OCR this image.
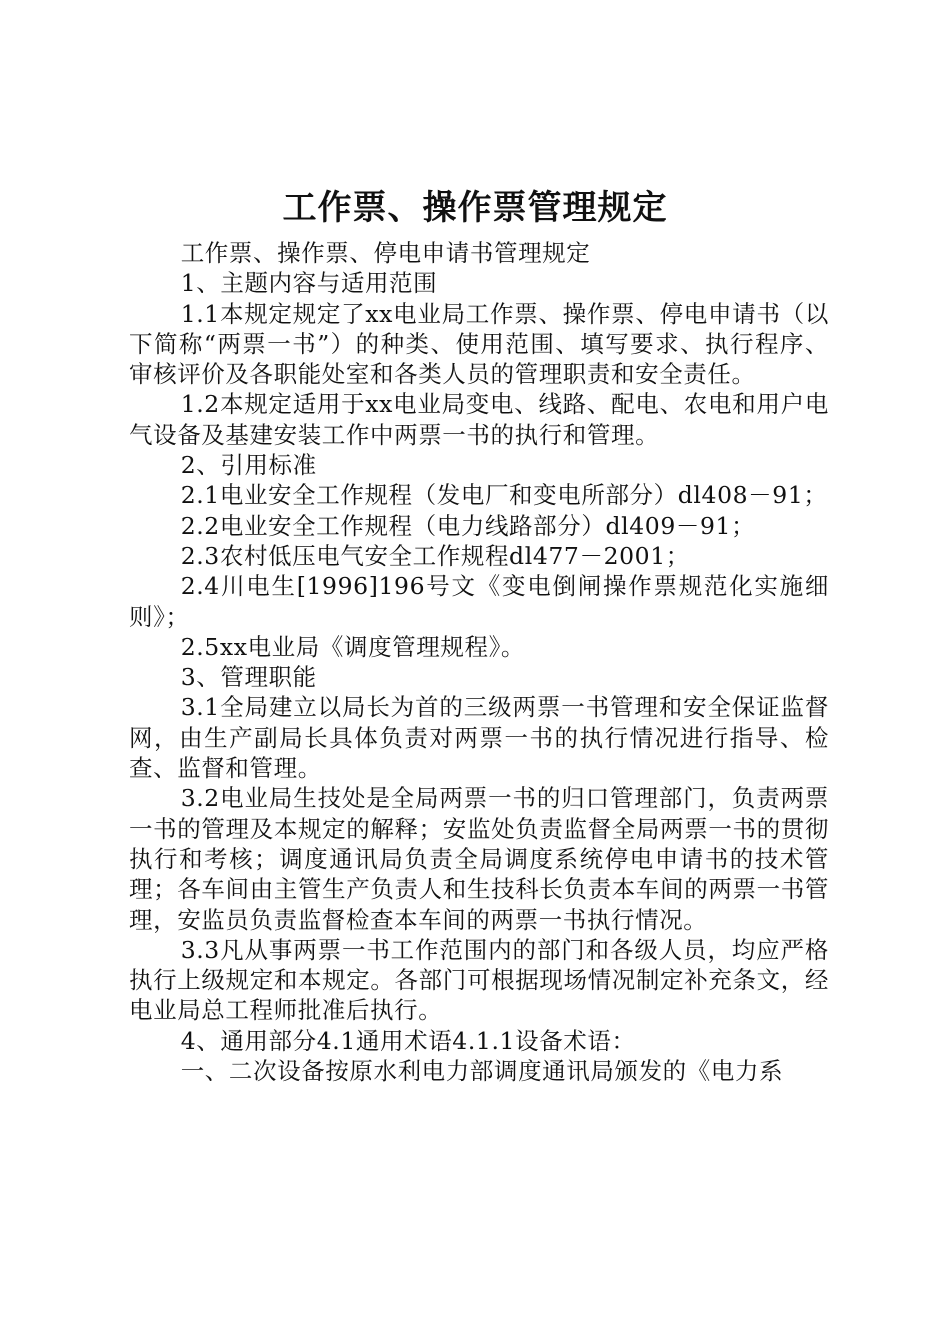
工作票、操作票管理规定

工作票、操作票、停电申请书管理规定

1、主题内容与适用范围

1.1本规定规定了xx电业局工作票、操作票、停电申请书（以下简称“两票一书”）的种类、使用范围、填写要求、执行程序、审核评价及各职能处室和各类人员的管理职责和安全责任。

1.2本规定适用于xx电业局变电、线路、配电、农电和用户电气设备及基建安装工作中两票一书的执行和管理。

2、引用标准

2.1电业安全工作规程（发电厂和变电所部分）dl408－91；

2.2电业安全工作规程（电力线路部分）dl409－91；

2.3农村低压电气安全工作规程dl477－2001；

2.4川电生[1996]196号文《变电倒闸操作票规范化实施细则》；

2.5xx电业局《调度管理规程》。

3、管理职能

3.1全局建立以局长为首的三级两票一书管理和安全保证监督网，由生产副局长具体负责对两票一书的执行情况进行指导、检查、监督和管理。

3.2电业局生技处是全局两票一书的归口管理部门，负责两票一书的管理及本规定的解释；安监处负责监督全局两票一书的贯彻执行和考核；调度通讯局负责全局调度系统停电申请书的技术管理；各车间由主管生产负责人和生技科长负责本车间的两票一书管理，安监员负责监督检查本车间的两票一书执行情况。

3.3凡从事两票一书工作范围内的部门和各级人员，均应严格执行上级规定和本规定。各部门可根据现场情况制定补充条文，经电业局总工程师批准后执行。

4、通用部分4.1通用术语4.1.1设备术语：

一、二次设备按原水利电力部调度通讯局颁发的《电力系
